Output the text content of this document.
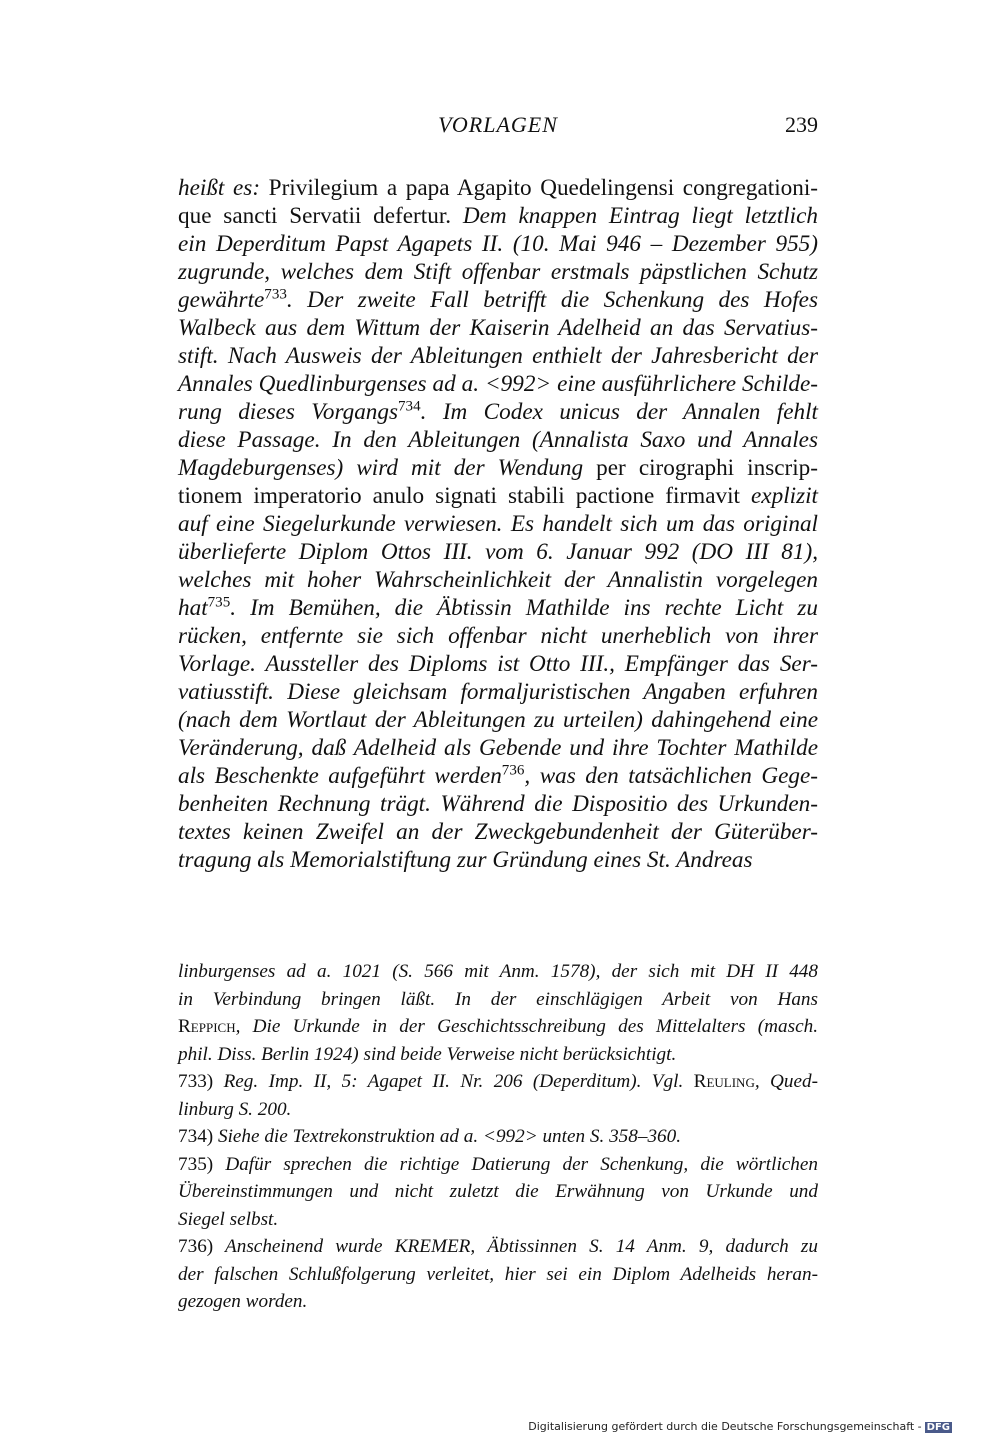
VORLAGEN	239
heißt es: Privilegium a papa Agapito Quedelingensi congregationi-
que sancti Servatii defertur. Dem knappen Eintrag liegt letztlich
ein Deperditum Papst Agapets II. (10. Mai 946 – Dezember 955)
zugrunde, welches dem Stift offenbar erstmals päpstlichen Schutz
gewährte$^{733}$. Der zweite Fall betrifft die Schenkung des Hofes
Walbeck aus dem Wittum der Kaiserin Adelheid an das Servatius-
stift. Nach Ausweis der Ableitungen enthielt der Jahresbericht der
Annales Quedlinburgenses ad a. <992> eine ausführlichere Schilde-
rung dieses Vorgangs$^{734}$. Im Codex unicus der Annalen fehlt
diese Passage. In den Ableitungen (Annalista Saxo und Annales
Magdeburgenses) wird mit der Wendung per cirographi inscrip-
tionem imperatorio anulo signati stabili pactione firmavit explizit
auf eine Siegelurkunde verwiesen. Es handelt sich um das original
überlieferte Diplom Ottos III. vom 6. Januar 992 (DO III 81),
welches mit hoher Wahrscheinlichkeit der Annalistin vorgelegen
hat$^{735}$. Im Bemühen, die Äbtissin Mathilde ins rechte Licht zu
rücken, entfernte sie sich offenbar nicht unerheblich von ihrer
Vorlage. Aussteller des Diploms ist Otto III., Empfänger das Ser-
vatiusstift. Diese gleichsam formaljuristischen Angaben erfuhren
(nach dem Wortlaut der Ableitungen zu urteilen) dahingehend eine
Veränderung, daß Adelheid als Gebende und ihre Tochter Mathilde
als Beschenkte aufgeführt werden$^{736}$, was den tatsächlichen Gege-
benheiten Rechnung trägt. Während die Dispositio des Urkunden-
textes keinen Zweifel an der Zweckgebundenheit der Güterüber-
tragung als Memorialstiftung zur Gründung eines St. Andreas
linburgenses ad a. 1021 (S. 566 mit Anm. 1578), der sich mit DH II 448
in Verbindung bringen läßt. In der einschlägigen Arbeit von Hans
Reppich, Die Urkunde in der Geschichtsschreibung des Mittelalters (masch.
phil. Diss. Berlin 1924) sind beide Verweise nicht berücksichtigt.
733) Reg. Imp. II, 5: Agapet II. Nr. 206 (Deperditum). Vgl. Reuling, Qued-
linburg S. 200.
734) Siehe die Textrekonstruktion ad a. <992> unten S. 358–360.
735) Dafür sprechen die richtige Datierung der Schenkung, die wörtlichen
Übereinstimmungen und nicht zuletzt die Erwähnung von Urkunde und
Siegel selbst.
736) Anscheinend wurde KREMER, Äbtissinnen S. 14 Anm. 9, dadurch zu
der falschen Schlußfolgerung verleitet, hier sei ein Diplom Adelheids heran-
gezogen worden.
Digitalisierung gefördert durch die Deutsche Forschungsgemeinschaft - DFG
